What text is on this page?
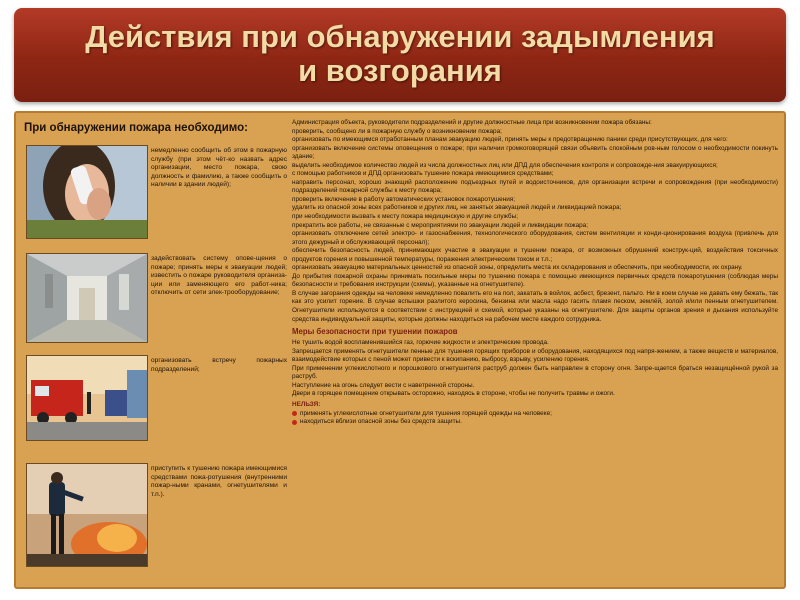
Действия при обнаружении задымления
и возгорания
При обнаружении пожара необходимо:
немедленно сообщить об этом в пожарную службу (при этом чёт-ко назвать адрес организации, место пожара, свою должность и фамилию, а также сообщить о наличии в здании людей);
задействовать систему опове-щения о пожаре; принять меры к эвакуации людей; известить о пожаре руководителя организа-ции или заменяющего его работ-ника; отключить от сети элек-трооборудование;
организовать встречу пожарных подразделений;
приступить к тушению пожара имеющимися средствами пожа-ротушения (внутренними пожар-ными кранами, огнетушителями и т.п.).

Администрация объекта, руководители подразделений и другие должностные лица при возникновении пожара обязаны:

проверить, сообщено ли в пожарную службу о возникновении пожара;

организовать по имеющимся отработанным планам эвакуацию людей, принять меры к предотвращению паники среди присутствующих, для чего:

организовать включение системы оповещения о пожаре; при наличии громкоговорящей связи объявить спокойным ров-ным голосом о необходимости покинуть здание;

выделить необходимое количество людей из числа должностных лиц или ДПД для обеспечения контроля и сопровожде-ния эвакуирующихся;

с помощью работников и ДПД организовать тушение пожара имеющимися средствами;

направить персонал, хорошо знающий расположение подъездных путей и водоисточников, для организации встречи и сопровождения (при необходимости) подразделений пожарной службы к месту пожара;

проверить включение в работу автоматических установок пожаротушения;

удалить из опасной зоны всех работников и других лиц, не занятых эвакуацией людей и ликвидацией пожара;

при необходимости вызвать к месту пожара медицинскую и другие службы;

прекратить все работы, не связанные с мероприятиями по эвакуации людей и ликвидации пожара;

организовать отключение сетей электро- и газоснабжения, технологического оборудования, систем вентиляции и конди-ционирования воздуха (привлечь для этого дежурный и обслуживающий персонал);

обеспечить безопасность людей, принимающих участие в эвакуации и тушении пожара, от возможных обрушений конструк-ций, воздействия токсичных продуктов горения и повышенной температуры, поражения электрическим током и т.п.;

организовать эвакуацию материальных ценностей из опасной зоны, определить места их складирования и обеспечить, при необходимости, их охрану.

До прибытия пожарной охраны принимать посильные меры по тушению пожара с помощью имеющихся первичных средств пожаротушения (соблюдая меры безопасности и требования инструкции (схемы), указанные на огнетушителе).

В случае загорания одежды на человеке немедленно повалить его на пол, закатать в войлок, асбест, брезент, пальто. Ни в коем случае не давать ему бежать, так как это усилит горение. В случае вспышки разлитого керосина, бензина или масла надо гасить пламя песком, землёй, золой и/или пенным огнетушителем. Огнетушители используются в соответствии с инструкцией и схемой, которые указаны на огнетушителе. Для защиты органов зрения и дыхания используйте средства индивидуальной защиты, которые должны находиться на рабочем месте каждого сотрудника.

Меры безопасности при тушении пожаров

Не тушить водой воспламенившийся газ, горючие жидкости и электрические провода.

Запрещается применять огнетушители пенные для тушения горящих приборов и оборудования, находящихся под напря-жением, а также веществ и материалов, взаимодействие которых с пеной может привести к вскипанию, выбросу, взрыву, усилению горения.

При применении углекислотного и порошкового огнетушителя раструб должен быть направлен в сторону огня. Запре-щается браться незащищённой рукой за раструб.

Наступление на огонь следует вести с наветренной стороны.

Двери в горящее помещение открывать осторожно, находясь в стороне, чтобы не получить травмы и ожоги.

НЕЛЬЗЯ:

применять углекислотные огнетушители для тушения горящей одежды на человеке;
находиться вблизи опасной зоны без средств защиты.
